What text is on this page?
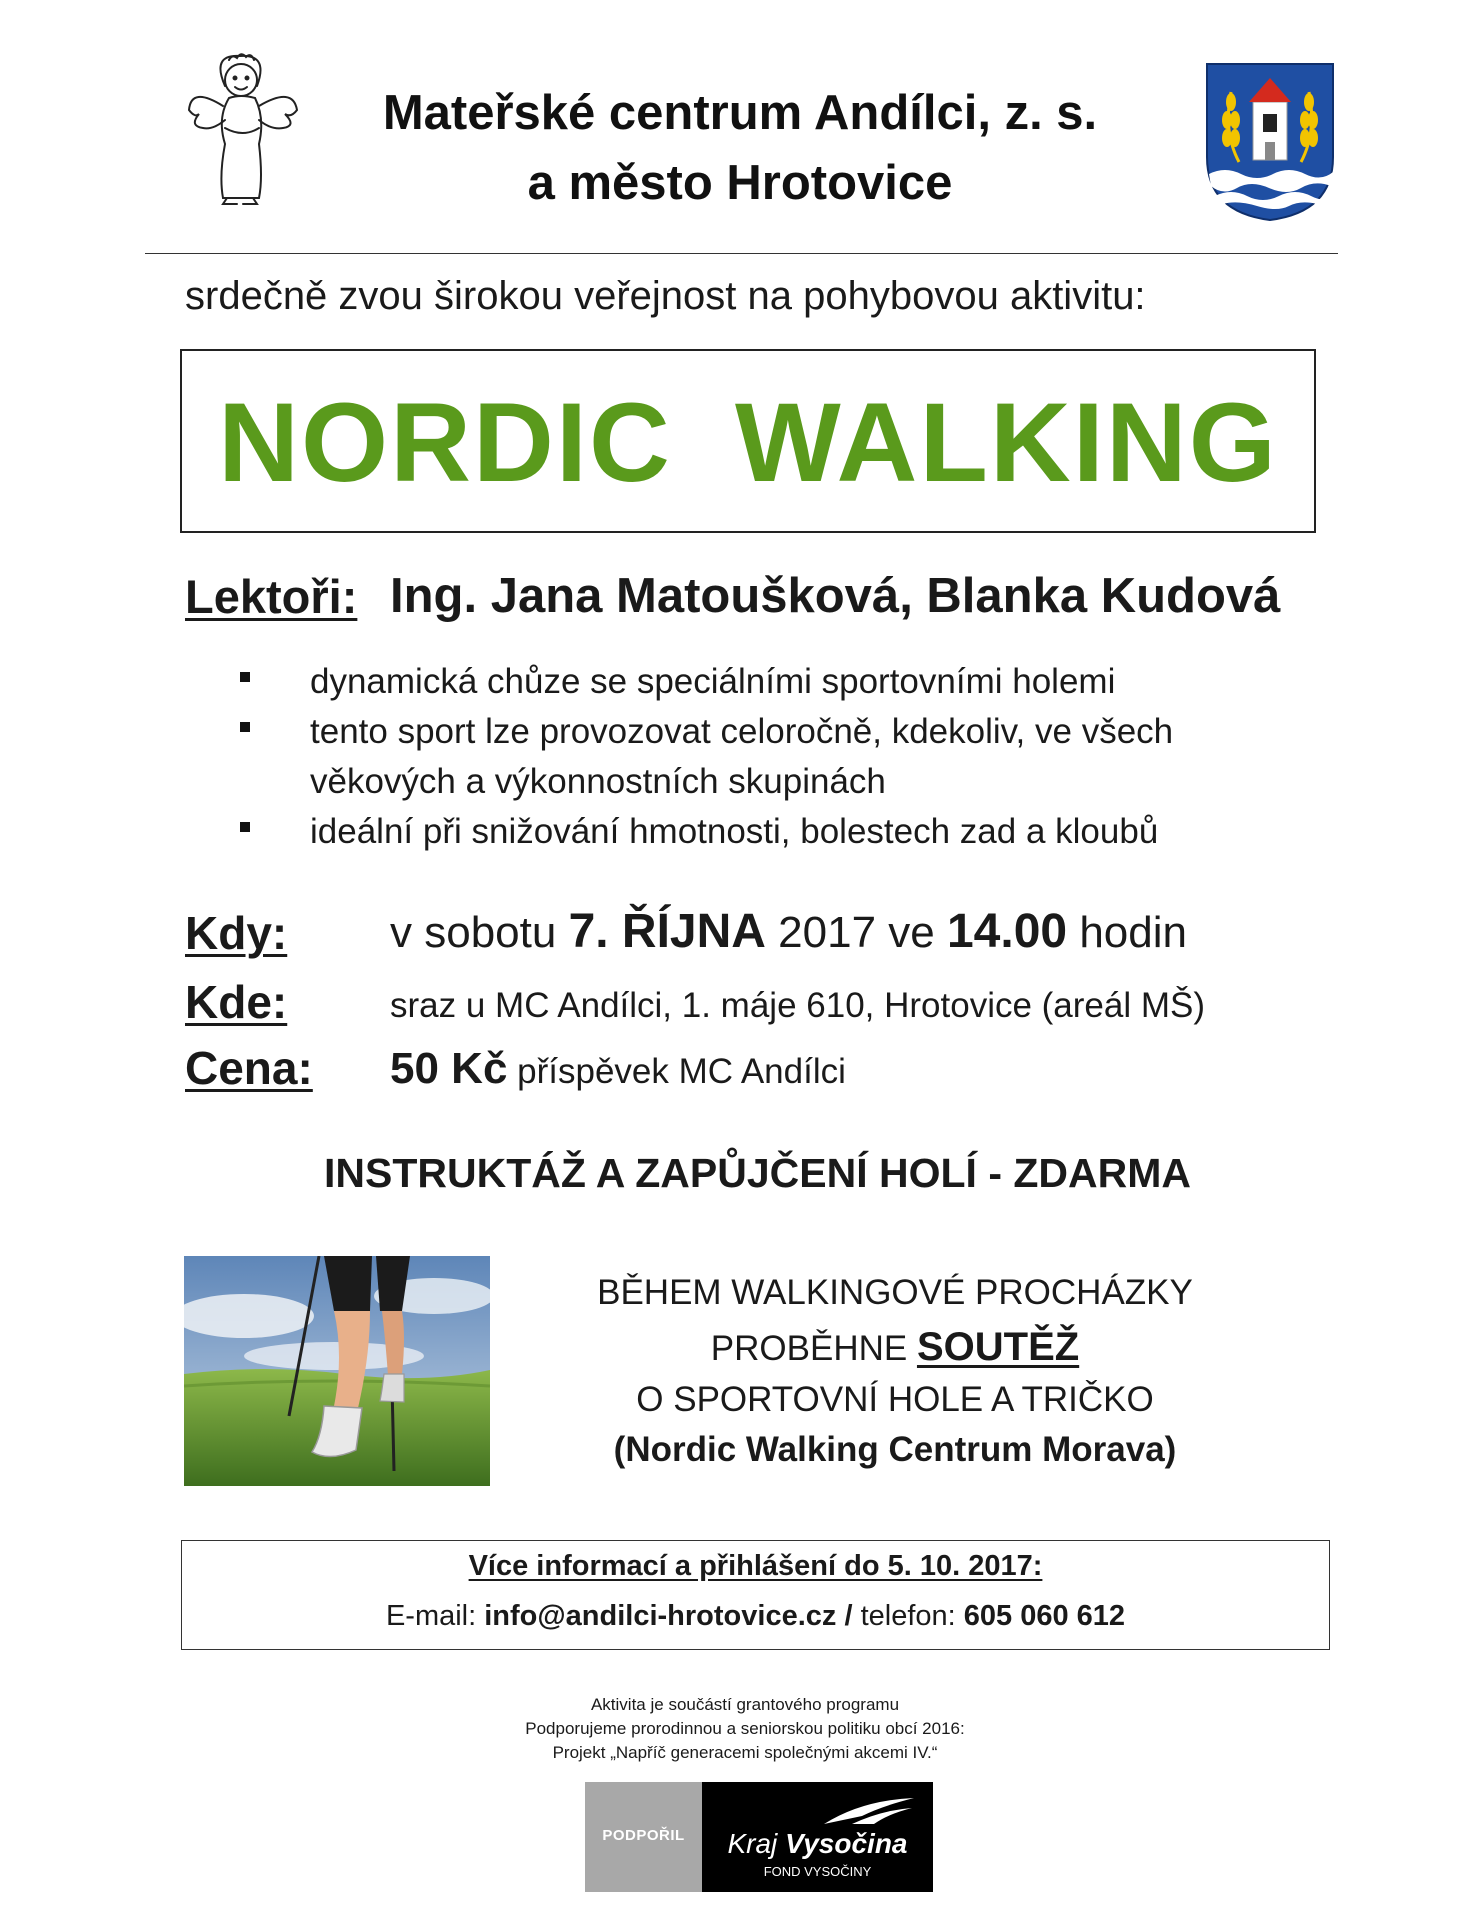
Mateřské centrum Andílci, z. s.
a město Hrotovice
srdečně zvou širokou veřejnost na pohybovou aktivitu:
NORDIC WALKING
Lektoři: Ing. Jana Matoušková, Blanka Kudová
dynamická chůze se speciálními sportovními holemi
tento sport lze provozovat celoročně, kdekoliv, ve všech
věkových a výkonnostních skupinách
ideální při snižování hmotnosti, bolestech zad a kloubů
Kdy: v sobotu 7. ŘÍJNA 2017 ve 14.00 hodin
Kde:	sraz u MC Andílci, 1. máje 610, Hrotovice (areál MŠ)
Cena: 50 Kč příspěvek MC Andílci
INSTRUKTÁŽ A ZAPŮJČENÍ HOLÍ - ZDARMA
BĚHEM WALKINGOVÉ PROCHÁZKY
PROBĚHNE SOUTĚŽ
O SPORTOVNÍ HOLE A TRIČKO
(Nordic Walking Centrum Morava)
Více informací a přihlášení do 5. 10. 2017:
E-mail: info@andilci-hrotovice.cz / telefon: 605 060 612
Aktivita je součástí grantového programu
Podporujeme prorodinnou a seniorskou politiku obcí 2016:
Projekt „Napříč generacemi společnými akcemi IV.“
PODPOŘIL	Kraj Vysočina
FOND VYSOČINY
